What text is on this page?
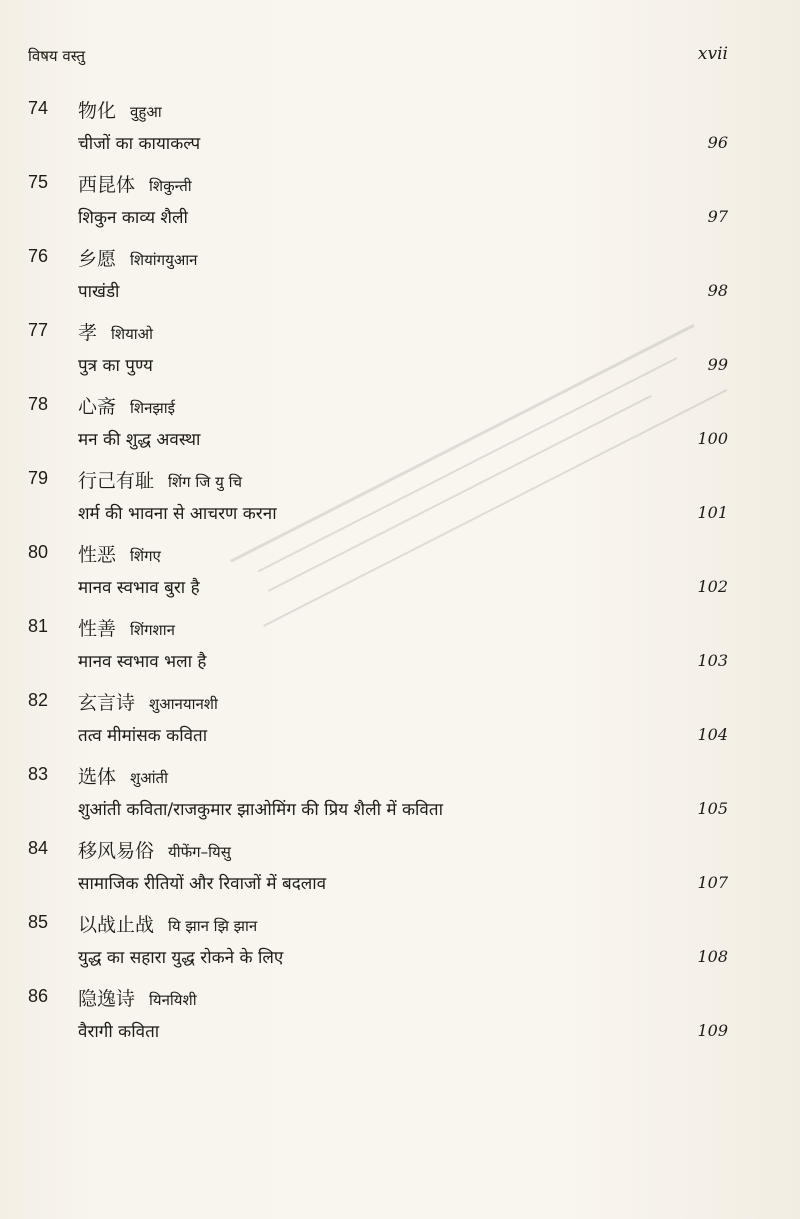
विषय वस्तु	xvii
74 物化 वुहुआ
चीजों का कायाकल्प	96
75 西昆体 शिकुन्ती
शिकुन काव्य शैली	97
76 乡愿 शियांगयुआन
पाखंडी	98
77 孝 शियाओ
पुत्र का पुण्य	99
78 心斋 शिनझाई
मन की शुद्ध अवस्था	100
79 行己有耻 शिंग जि यु चि
शर्म की भावना से आचरण करना	101
80 性恶 शिंगए
मानव स्वभाव बुरा है	102
81 性善 शिंगशान
मानव स्वभाव भला है	103
82 玄言诗 शुआनयानशी
तत्व मीमांसक कविता	104
83 选体 शुआंती
शुआंती कविता/राजकुमार झाओमिंग की प्रिय शैली में कविता	105
84 移风易俗 यीफेंग–यिसु
सामाजिक रीतियों और रिवाजों में बदलाव	107
85 以战止战 यि झान झि झान
युद्ध का सहारा युद्ध रोकने के लिए	108
86 隐逸诗 यिनयिशी
वैरागी कविता	109
